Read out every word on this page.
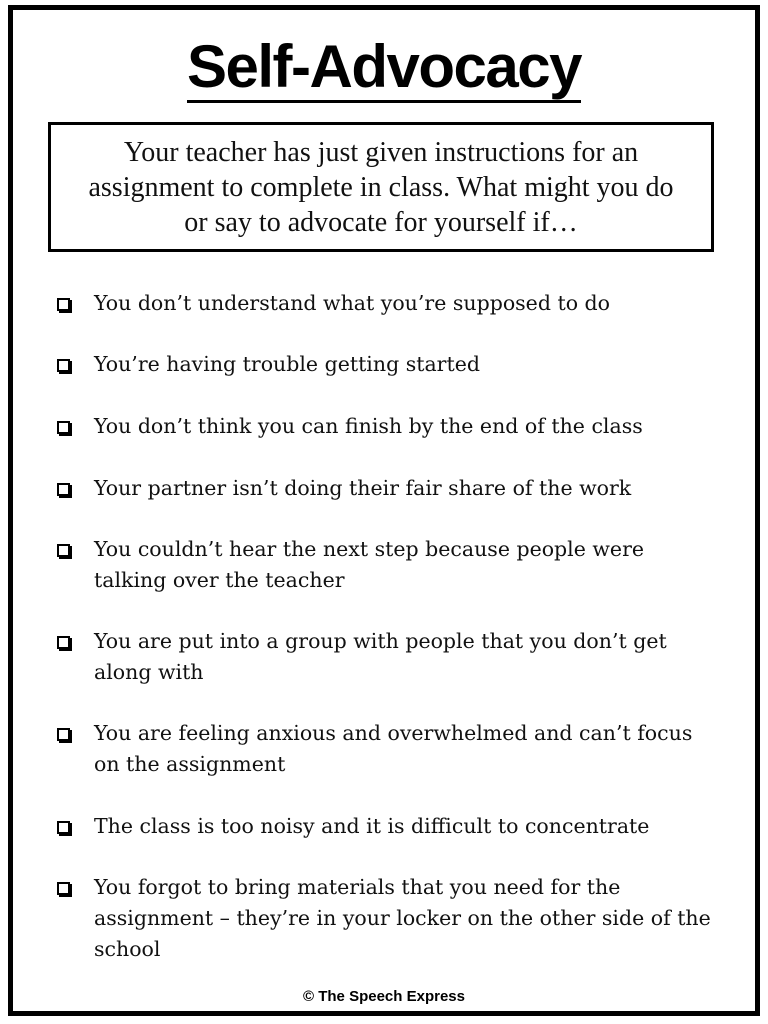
Self-Advocacy
Your teacher has just given instructions for an assignment to complete in class. What might you do or say to advocate for yourself if…
You don’t understand what you’re supposed to do
You’re having trouble getting started
You don’t think you can finish by the end of the class
Your partner isn’t doing their fair share of the work
You couldn’t hear the next step because people were talking over the teacher
You are put into a group with people that you don’t get along with
You are feeling anxious and overwhelmed and can’t focus on the assignment
The class is too noisy and it is difficult to concentrate
You forgot to bring materials that you need for the assignment – they’re in your locker on the other side of the school
© The Speech Express
